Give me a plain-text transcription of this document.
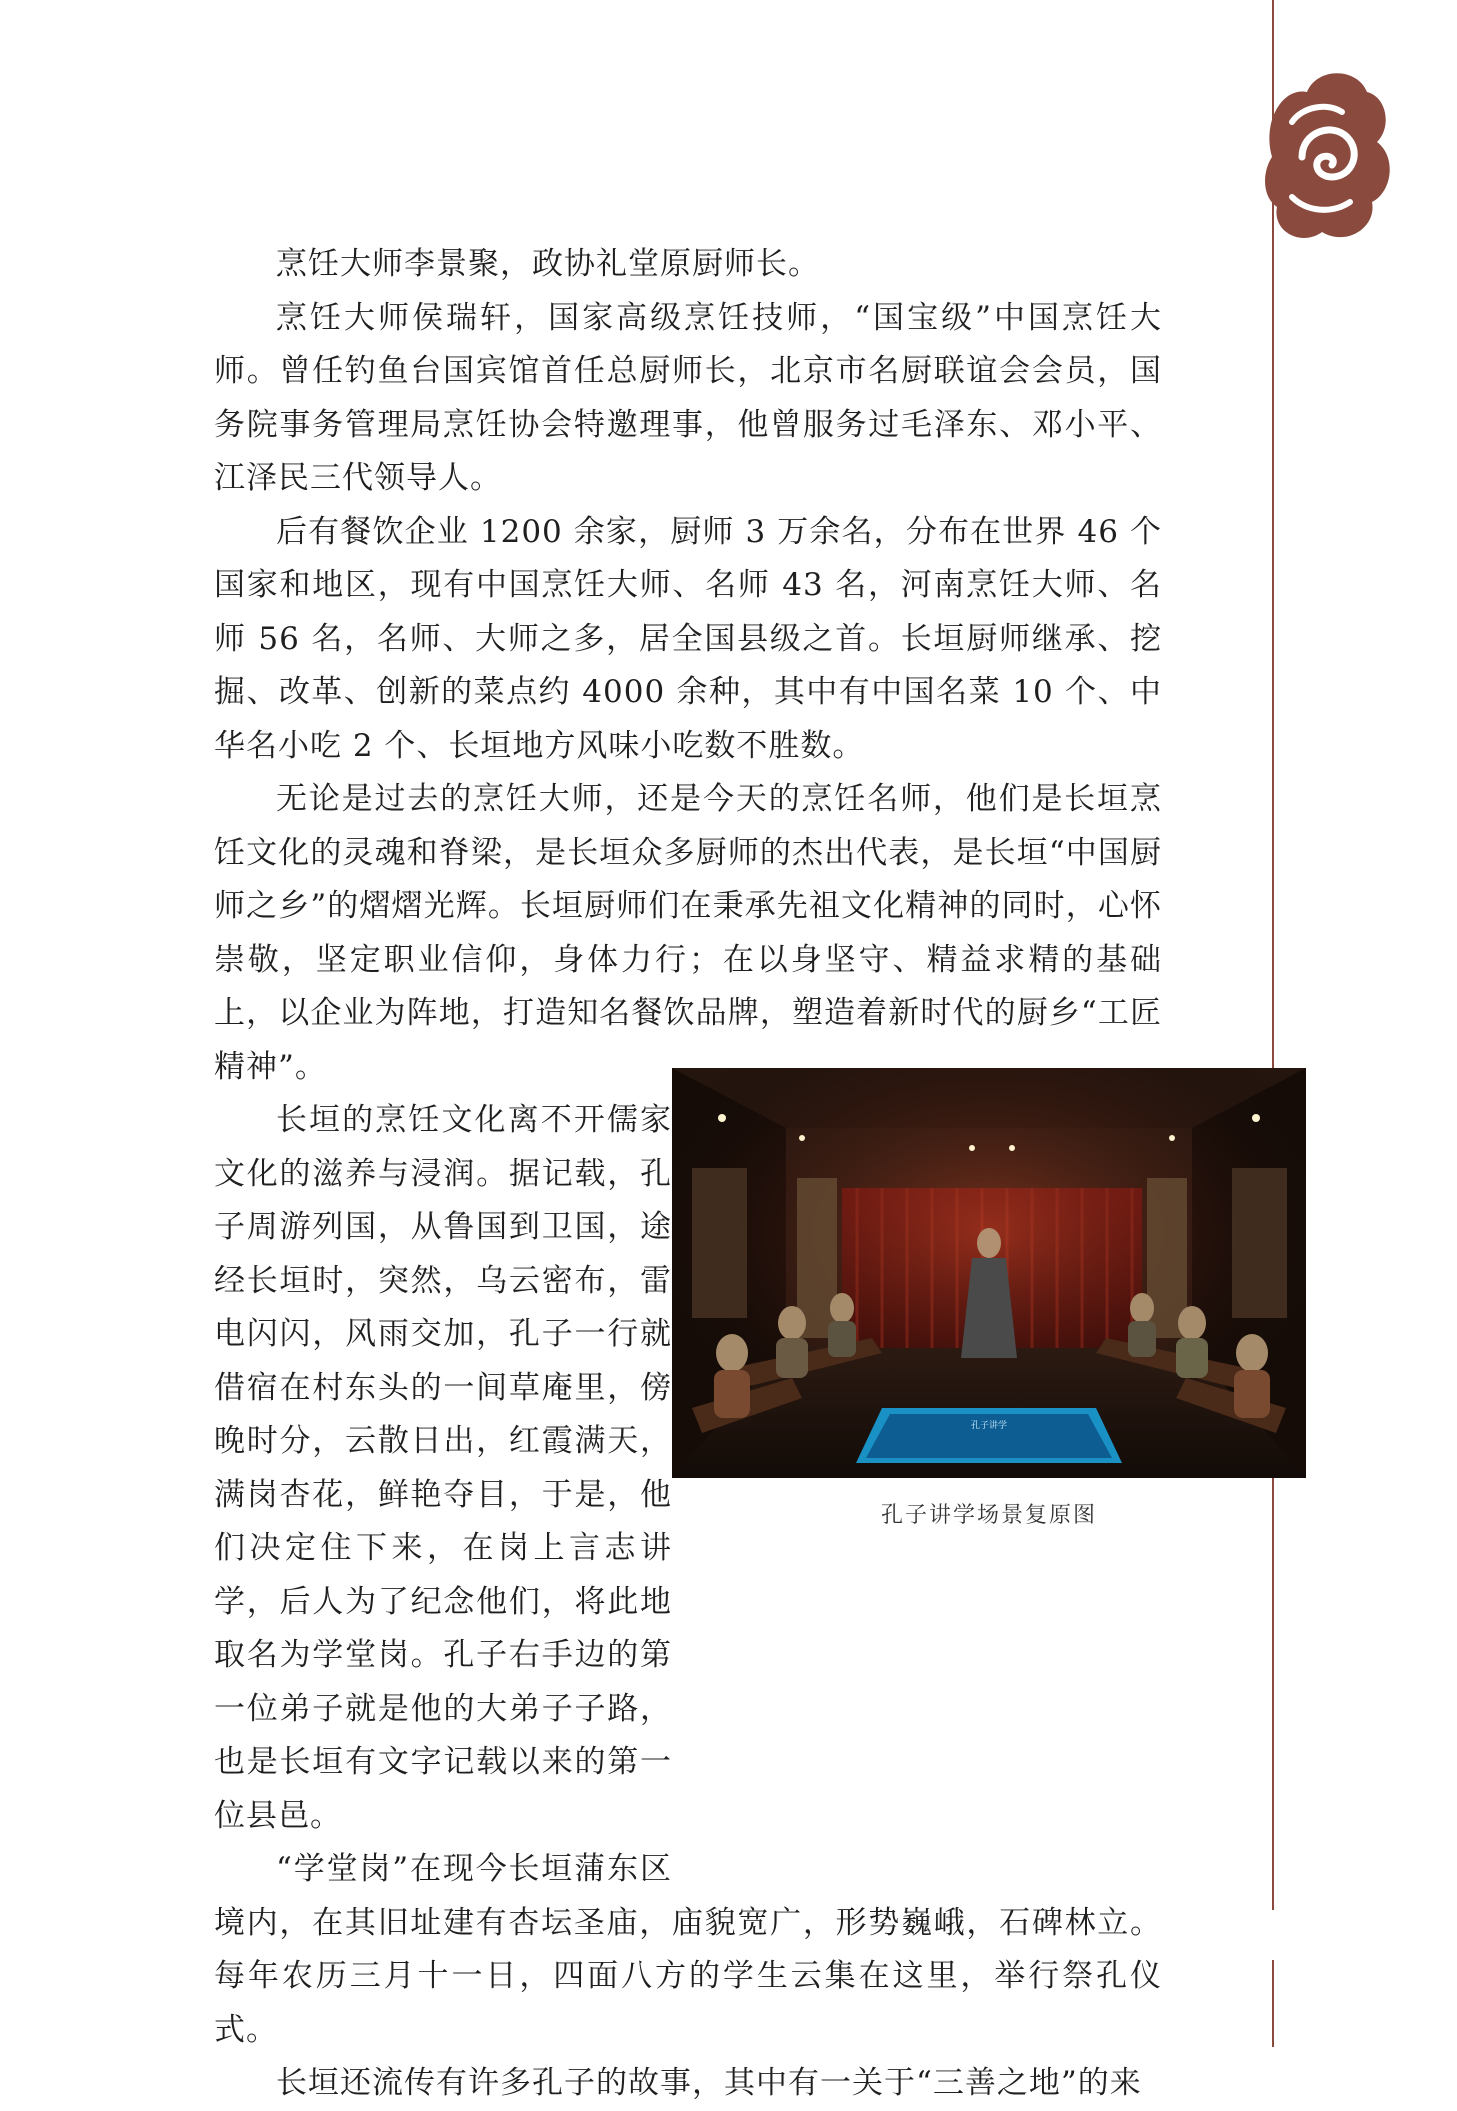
孔子讲学
孔子讲学场景复原图

烹饪大师李景聚，政协礼堂原厨师长。

烹饪大师侯瑞轩，国家高级烹饪技师，“国宝级”中国烹饪大师。曾任钓鱼台国宾馆首任总厨师长，北京市名厨联谊会会员，国务院事务管理局烹饪协会特邀理事，他曾服务过毛泽东、邓小平、江泽民三代领导人。

后有餐饮企业 1200 余家，厨师 3 万余名，分布在世界 46 个国家和地区，现有中国烹饪大师、名师 43 名，河南烹饪大师、名师 56 名，名师、大师之多，居全国县级之首。长垣厨师继承、挖掘、改革、创新的菜点约 4000 余种，其中有中国名菜 10 个、中华名小吃 2 个、长垣地方风味小吃数不胜数。

无论是过去的烹饪大师，还是今天的烹饪名师，他们是长垣烹饪文化的灵魂和脊梁，是长垣众多厨师的杰出代表，是长垣“中国厨师之乡”的熠熠光辉。长垣厨师们在秉承先祖文化精神的同时，心怀崇敬，坚定职业信仰，身体力行；在以身坚守、精益求精的基础上，以企业为阵地，打造知名餐饮品牌，塑造着新时代的厨乡“工匠精神”。

长垣的烹饪文化离不开儒家文化的滋养与浸润。据记载，孔子周游列国，从鲁国到卫国，途经长垣时，突然，乌云密布，雷电闪闪，风雨交加，孔子一行就借宿在村东头的一间草庵里，傍晚时分，云散日出，红霞满天，满岗杏花，鲜艳夺目，于是，他们决定住下来，在岗上言志讲学，后人为了纪念他们，将此地取名为学堂岗。孔子右手边的第一位弟子就是他的大弟子子路，也是长垣有文字记载以来的第一位县邑。

“学堂岗”在现今长垣蒲东区境内，在其旧址建有杏坛圣庙，庙貌宽广，形势巍峨，石碑林立。每年农历三月十一日，四面八方的学生云集在这里，举行祭孔仪式。

长垣还流传有许多孔子的故事，其中有一关于“三善之地”的来
